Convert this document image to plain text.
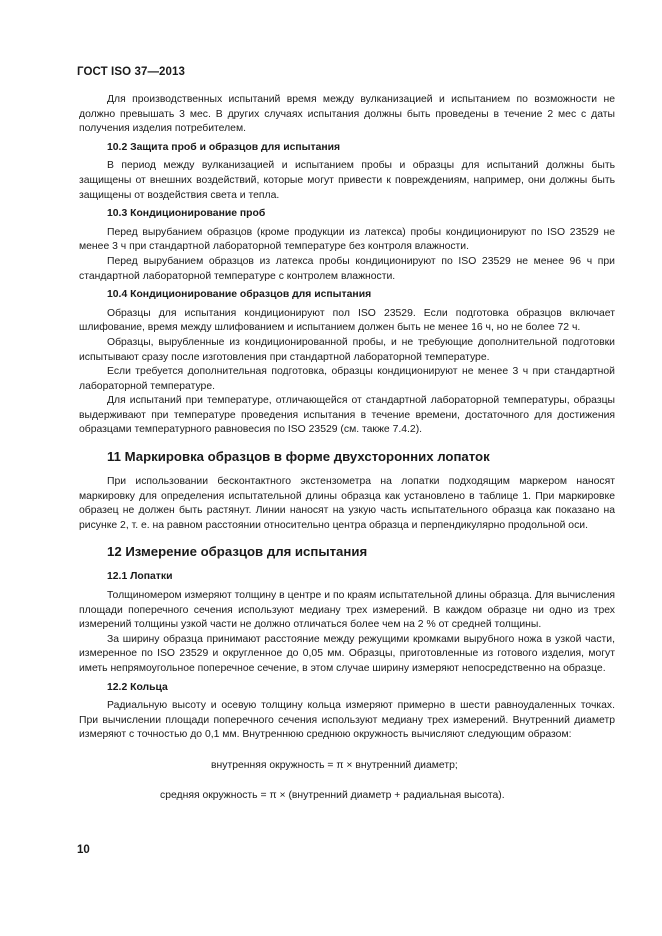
ГОСТ ISO 37—2013

Для производственных испытаний время между вулканизацией и испытанием по возможности не должно превышать 3 мес. В других случаях испытания должны быть проведены в течение 2 мес с даты получения изделия потребителем.

10.2 Защита проб и образцов для испытания

В период между вулканизацией и испытанием пробы и образцы для испытаний должны быть защищены от внешних воздействий, которые могут привести к повреждениям, например, они должны быть защищены от воздействия света и тепла.

10.3 Кондиционирование проб

Перед вырубанием образцов (кроме продукции из латекса) пробы кондиционируют по ISO 23529 не менее 3 ч при стандартной лабораторной температуре без контроля влажности.

Перед вырубанием образцов из латекса пробы кондиционируют по ISO 23529 не менее 96 ч при стандартной лабораторной температуре с контролем влажности.

10.4 Кондиционирование образцов для испытания

Образцы для испытания кондиционируют пол ISO 23529. Если подготовка образцов включает шлифование, время между шлифованием и испытанием должен быть не менее 16 ч, но не более 72 ч.

Образцы, вырубленные из кондиционированной пробы, и не требующие дополнительной подготовки испытывают сразу после изготовления при стандартной лабораторной температуре.

Если требуется дополнительная подготовка, образцы кондиционируют не менее 3 ч при стандартной лабораторной температуре.

Для испытаний при температуре, отличающейся от стандартной лабораторной температуры, образцы выдерживают при температуре проведения испытания в течение времени, достаточного для достижения образцами температурного равновесия по ISO 23529 (см. также 7.4.2).

11 Маркировка образцов в форме двухсторонних лопаток

При использовании бесконтактного экстензометра на лопатки подходящим маркером наносят маркировку для определения испытательной длины образца как установлено в таблице 1. При маркировке образец не должен быть растянут. Линии наносят на узкую часть испытательного образца как показано на рисунке 2, т. е. на равном расстоянии относительно центра образца и перпендикулярно продольной оси.

12 Измерение образцов для испытания
12.1 Лопатки

Толщиномером измеряют толщину в центре и по краям испытательной длины образца. Для вычисления площади поперечного сечения используют медиану трех измерений. В каждом образце ни одно из трех измерений толщины узкой части не должно отличаться более чем на 2 % от средней толщины.

За ширину образца принимают расстояние между режущими кромками вырубного ножа в узкой части, измеренное по ISO 23529 и округленное до 0,05 мм. Образцы, приготовленные из готового изделия, могут иметь непрямоугольное поперечное сечение, в этом случае ширину измеряют непосредственно на образце.

12.2 Кольца

Радиальную высоту и осевую толщину кольца измеряют примерно в шести равноудаленных точках. При вычислении площади поперечного сечения используют медиану трех измерений. Внутренний диаметр измеряют с точностью до 0,1 мм. Внутреннюю среднюю окружность вычисляют следующим образом:

внутренняя окружность = π × внутренний диаметр;
средняя окружность = π × (внутренний диаметр + радиальная высота).
10
